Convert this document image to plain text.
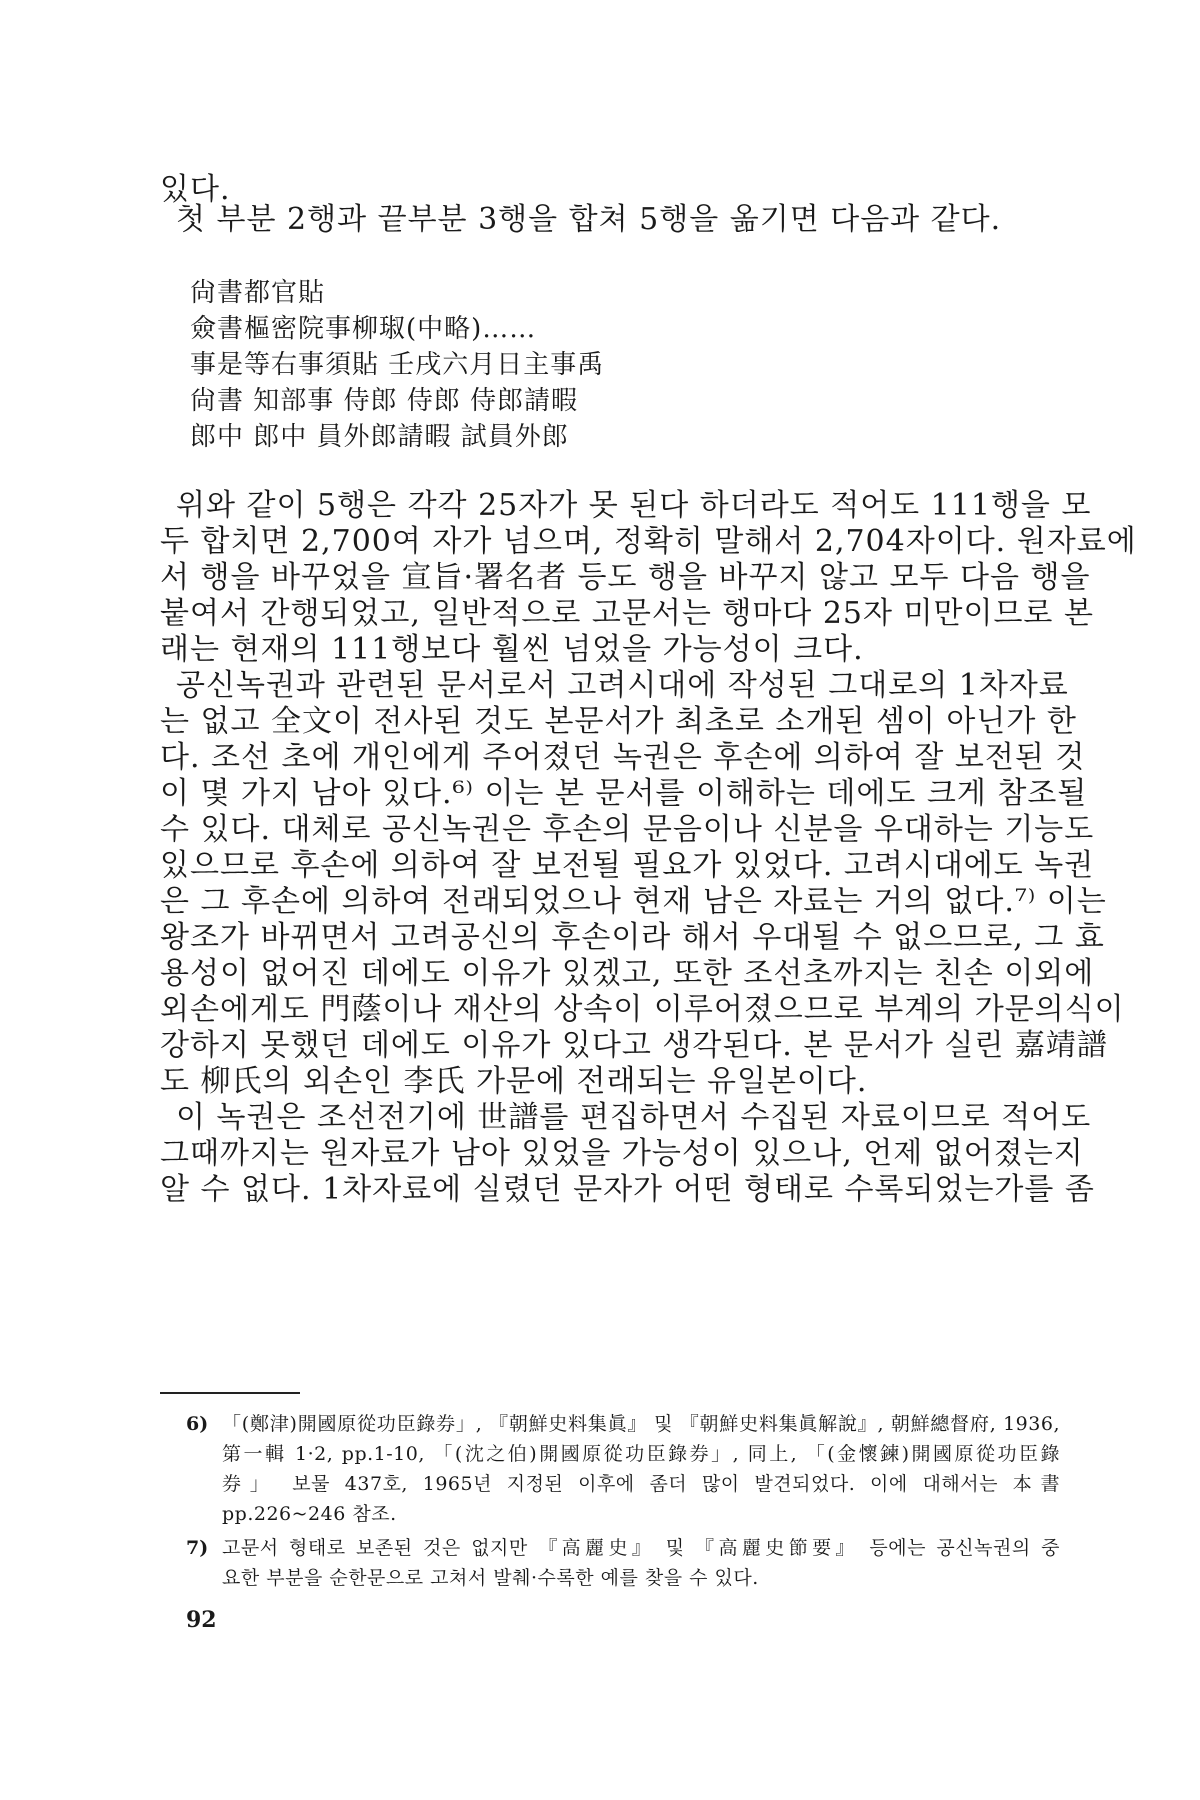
있다.
첫 부분 2행과 끝부분 3행을 합쳐 5행을 옮기면 다음과 같다.
尙書都官貼
僉書樞密院事柳琡(中略)……
事是等右事須貼 壬戌六月日主事禹
尙書 知部事 侍郎 侍郎 侍郎請暇
郎中 郎中 員外郎請暇 試員外郎
위와 같이 5행은 각각 25자가 못 된다 하더라도 적어도 111행을 모
두 합치면 2,700여 자가 넘으며, 정확히 말해서 2,704자이다. 원자료에
서 행을 바꾸었을 宣旨·署名者 등도 행을 바꾸지 않고 모두 다음 행을
붙여서 간행되었고, 일반적으로 고문서는 행마다 25자 미만이므로 본
래는 현재의 111행보다 훨씬 넘었을 가능성이 크다.
공신녹권과 관련된 문서로서 고려시대에 작성된 그대로의 1차자료
는 없고 全文이 전사된 것도 본문서가 최초로 소개된 셈이 아닌가 한
다. 조선 초에 개인에게 주어졌던 녹권은 후손에 의하여 잘 보전된 것
이 몇 가지 남아 있다.⁶⁾ 이는 본 문서를 이해하는 데에도 크게 참조될
수 있다. 대체로 공신녹권은 후손의 문음이나 신분을 우대하는 기능도
있으므로 후손에 의하여 잘 보전될 필요가 있었다. 고려시대에도 녹권
은 그 후손에 의하여 전래되었으나 현재 남은 자료는 거의 없다.⁷⁾ 이는
왕조가 바뀌면서 고려공신의 후손이라 해서 우대될 수 없으므로, 그 효
용성이 없어진 데에도 이유가 있겠고, 또한 조선초까지는 친손 이외에
외손에게도 門蔭이나 재산의 상속이 이루어졌으므로 부계의 가문의식이
강하지 못했던 데에도 이유가 있다고 생각된다. 본 문서가 실린 嘉靖譜
도 柳氏의 외손인 李氏 가문에 전래되는 유일본이다.
이 녹권은 조선전기에 世譜를 편집하면서 수집된 자료이므로 적어도
그때까지는 원자료가 남아 있었을 가능성이 있으나, 언제 없어졌는지
알 수 없다. 1차자료에 실렸던 문자가 어떤 형태로 수록되었는가를 좀
6) 「(鄭津)開國原從功臣錄券」, 『朝鮮史料集眞』 및 『朝鮮史料集眞解說』, 朝鮮總督府, 1936,
第一輯 1·2, pp.1-10, 「(沈之伯)開國原從功臣錄券」, 同上, 「(金懷鍊)開國原從功臣錄
券」 보물 437호, 1965년 지정된 이후에 좀더 많이 발견되었다. 이에 대해서는 本書
pp.226~246 참조.
7) 고문서 형태로 보존된 것은 없지만 『高麗史』 및 『高麗史節要』 등에는 공신녹권의 중
요한 부분을 순한문으로 고쳐서 발췌·수록한 예를 찾을 수 있다.
92
